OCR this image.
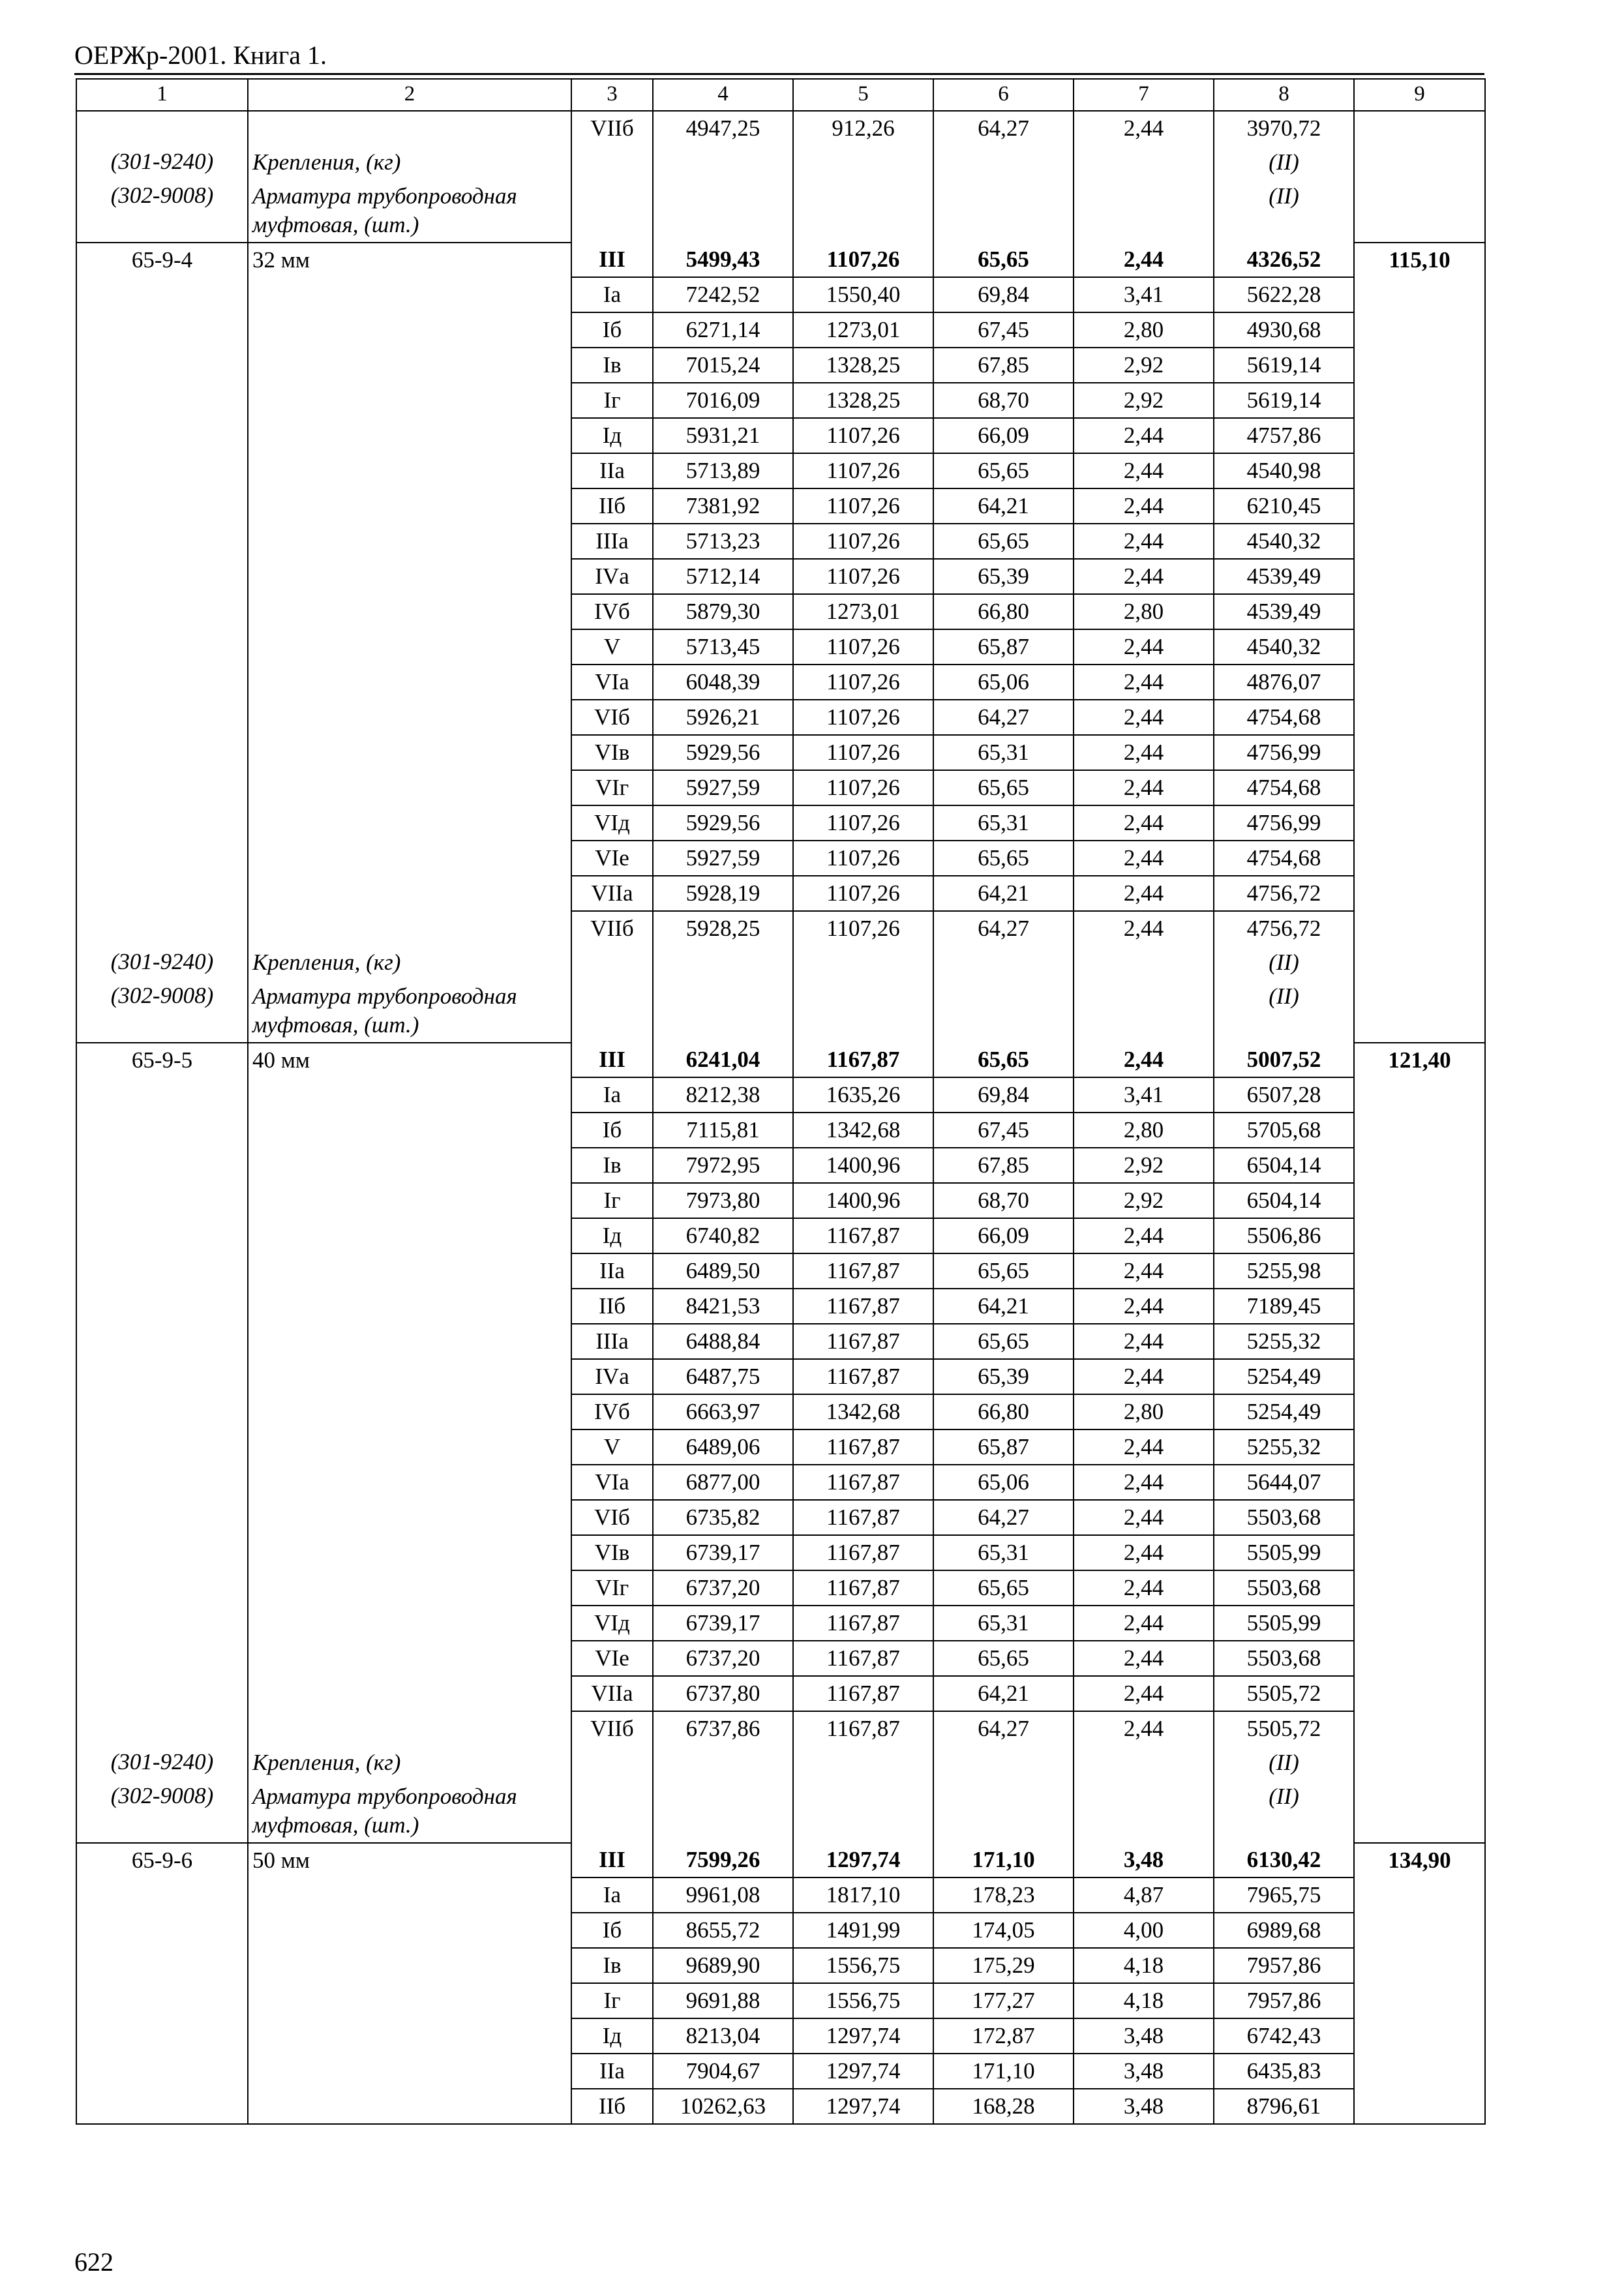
ОЕРЖр-2001. Книга 1.
1	2	3	4	5	6	7	8	9
		VIIб	4947,25	912,26	64,27	2,44	3970,72	
(301-9240)	Крепления, (кг)						(II)	
(302-9008)	Арматура трубопроводная муфтовая, (шт.)						(II)	
65-9-4	32 мм	III	5499,43	1107,26	65,65	2,44	4326,52	115,10
		Iа	7242,52	1550,40	69,84	3,41	5622,28	
		Iб	6271,14	1273,01	67,45	2,80	4930,68	
		Iв	7015,24	1328,25	67,85	2,92	5619,14	
		Iг	7016,09	1328,25	68,70	2,92	5619,14	
		Iд	5931,21	1107,26	66,09	2,44	4757,86	
		IIа	5713,89	1107,26	65,65	2,44	4540,98	
		IIб	7381,92	1107,26	64,21	2,44	6210,45	
		IIIа	5713,23	1107,26	65,65	2,44	4540,32	
		IVа	5712,14	1107,26	65,39	2,44	4539,49	
		IVб	5879,30	1273,01	66,80	2,80	4539,49	
		V	5713,45	1107,26	65,87	2,44	4540,32	
		VIа	6048,39	1107,26	65,06	2,44	4876,07	
		VIб	5926,21	1107,26	64,27	2,44	4754,68	
		VIв	5929,56	1107,26	65,31	2,44	4756,99	
		VIг	5927,59	1107,26	65,65	2,44	4754,68	
		VIд	5929,56	1107,26	65,31	2,44	4756,99	
		VIе	5927,59	1107,26	65,65	2,44	4754,68	
		VIIа	5928,19	1107,26	64,21	2,44	4756,72	
		VIIб	5928,25	1107,26	64,27	2,44	4756,72	
(301-9240)	Крепления, (кг)						(II)	
(302-9008)	Арматура трубопроводная муфтовая, (шт.)						(II)	
65-9-5	40 мм	III	6241,04	1167,87	65,65	2,44	5007,52	121,40
		Iа	8212,38	1635,26	69,84	3,41	6507,28	
		Iб	7115,81	1342,68	67,45	2,80	5705,68	
		Iв	7972,95	1400,96	67,85	2,92	6504,14	
		Iг	7973,80	1400,96	68,70	2,92	6504,14	
		Iд	6740,82	1167,87	66,09	2,44	5506,86	
		IIа	6489,50	1167,87	65,65	2,44	5255,98	
		IIб	8421,53	1167,87	64,21	2,44	7189,45	
		IIIа	6488,84	1167,87	65,65	2,44	5255,32	
		IVа	6487,75	1167,87	65,39	2,44	5254,49	
		IVб	6663,97	1342,68	66,80	2,80	5254,49	
		V	6489,06	1167,87	65,87	2,44	5255,32	
		VIа	6877,00	1167,87	65,06	2,44	5644,07	
		VIб	6735,82	1167,87	64,27	2,44	5503,68	
		VIв	6739,17	1167,87	65,31	2,44	5505,99	
		VIг	6737,20	1167,87	65,65	2,44	5503,68	
		VIд	6739,17	1167,87	65,31	2,44	5505,99	
		VIе	6737,20	1167,87	65,65	2,44	5503,68	
		VIIа	6737,80	1167,87	64,21	2,44	5505,72	
		VIIб	6737,86	1167,87	64,27	2,44	5505,72	
(301-9240)	Крепления, (кг)						(II)	
(302-9008)	Арматура трубопроводная муфтовая, (шт.)						(II)	
65-9-6	50 мм	III	7599,26	1297,74	171,10	3,48	6130,42	134,90
		Iа	9961,08	1817,10	178,23	4,87	7965,75	
		Iб	8655,72	1491,99	174,05	4,00	6989,68	
		Iв	9689,90	1556,75	175,29	4,18	7957,86	
		Iг	9691,88	1556,75	177,27	4,18	7957,86	
		Iд	8213,04	1297,74	172,87	3,48	6742,43	
		IIа	7904,67	1297,74	171,10	3,48	6435,83	
		IIб	10262,63	1297,74	168,28	3,48	8796,61	
622
